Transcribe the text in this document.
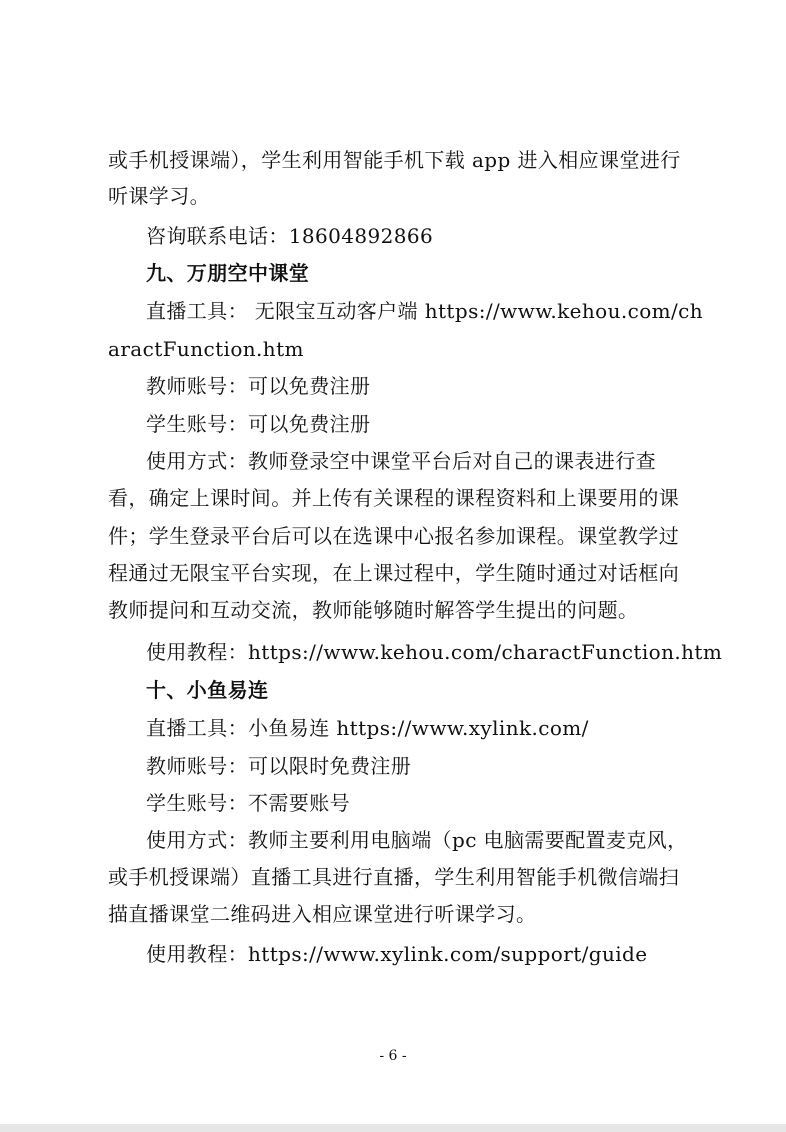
或手机授课端），学生利用智能手机下载 app 进入相应课堂进行
听课学习。
咨询联系电话：18604892866
九、万朋空中课堂
直播工具： 无限宝互动客户端 https://www.kehou.com/ch
aractFunction.htm
教师账号：可以免费注册
学生账号：可以免费注册
使用方式：教师登录空中课堂平台后对自己的课表进行查
看，确定上课时间。并上传有关课程的课程资料和上课要用的课
件；学生登录平台后可以在选课中心报名参加课程。课堂教学过
程通过无限宝平台实现，在上课过程中，学生随时通过对话框向
教师提问和互动交流，教师能够随时解答学生提出的问题。
使用教程：https://www.kehou.com/charactFunction.htm
十、小鱼易连
直播工具：小鱼易连 https://www.xylink.com/
教师账号：可以限时免费注册
学生账号：不需要账号
使用方式：教师主要利用电脑端（pc 电脑需要配置麦克风，
或手机授课端）直播工具进行直播，学生利用智能手机微信端扫
描直播课堂二维码进入相应课堂进行听课学习。
使用教程：https://www.xylink.com/support/guide
- 6 -
